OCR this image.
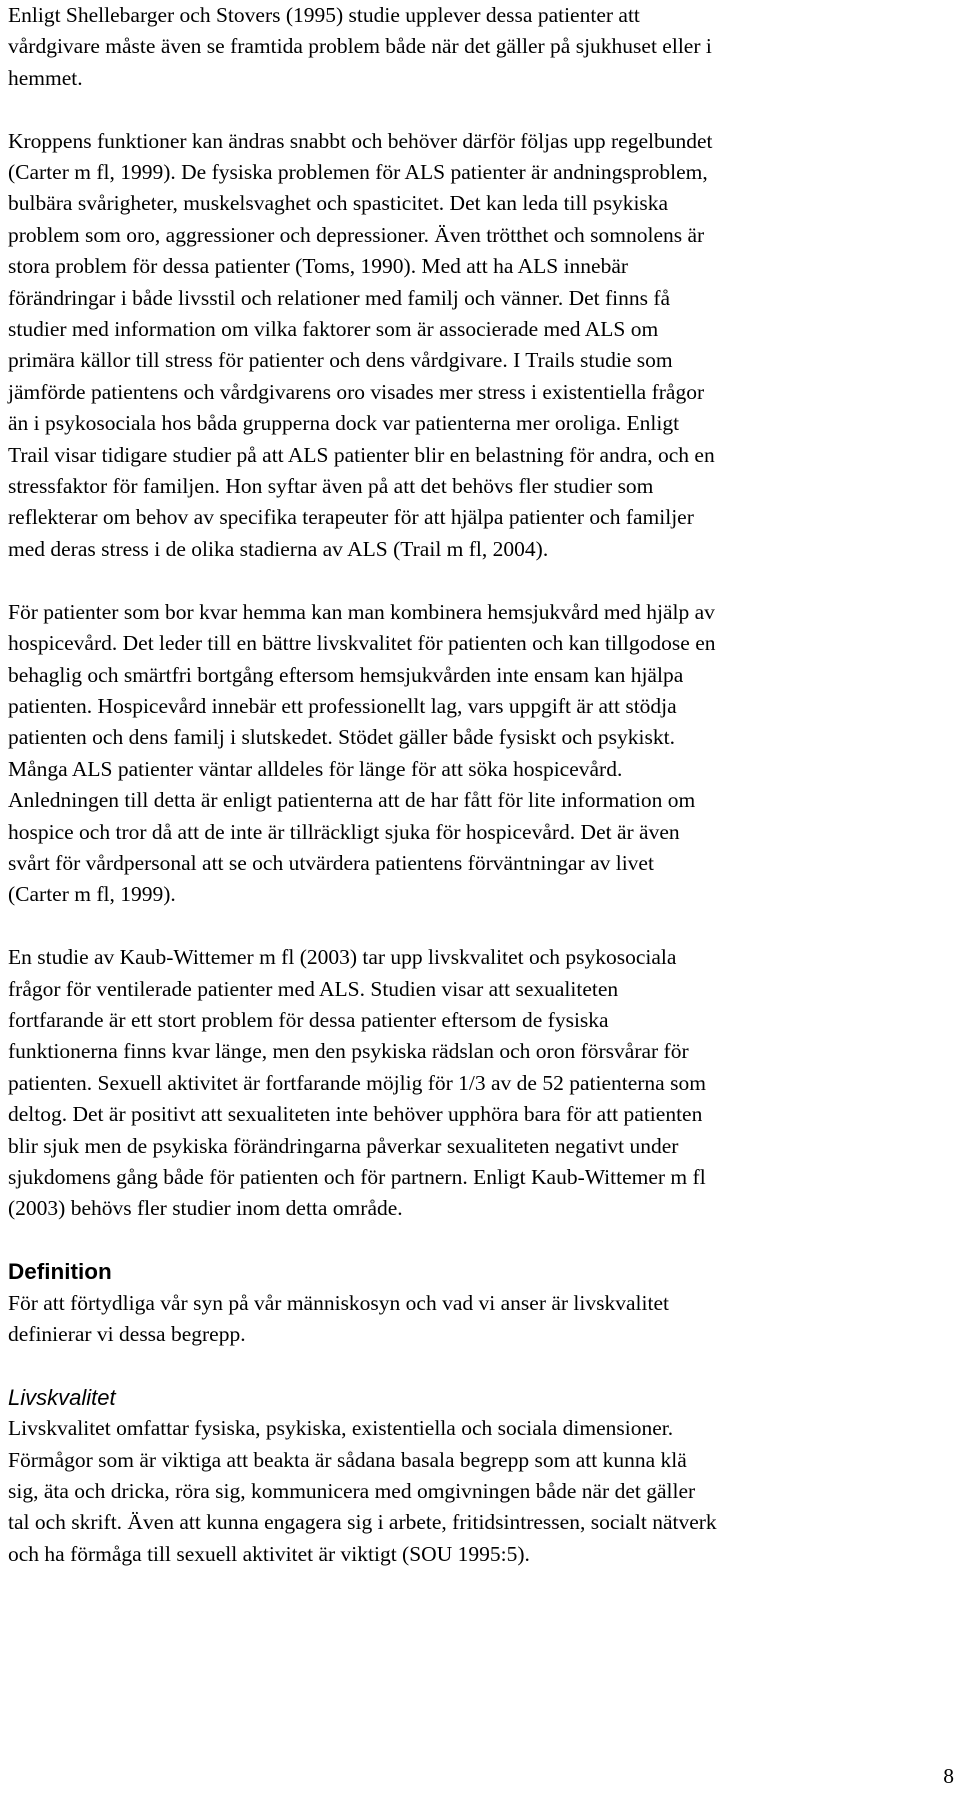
Enligt Shellebarger och Stovers (1995) studie upplever dessa patienter att
vårdgivare måste även se framtida problem både när det gäller på sjukhuset eller i
hemmet.

Kroppens funktioner kan ändras snabbt och behöver därför följas upp regelbundet
(Carter m fl, 1999). De fysiska problemen för ALS patienter är andningsproblem,
bulbära svårigheter, muskelsvaghet och spasticitet. Det kan leda till psykiska
problem som oro, aggressioner och depressioner. Även trötthet och somnolens är
stora problem för dessa patienter (Toms, 1990). Med att ha ALS innebär
förändringar i både livsstil och relationer med familj och vänner. Det finns få
studier med information om vilka faktorer som är associerade med ALS om
primära källor till stress för patienter och dens vårdgivare. I Trails studie som
jämförde patientens och vårdgivarens oro visades mer stress i existentiella frågor
än i psykosociala hos båda grupperna dock var patienterna mer oroliga. Enligt
Trail visar tidigare studier på att ALS patienter blir en belastning för andra, och en
stressfaktor för familjen. Hon syftar även på att det behövs fler studier som
reflekterar om behov av specifika terapeuter för att hjälpa patienter och familjer
med deras stress i de olika stadierna av ALS (Trail m fl, 2004).

För patienter som bor kvar hemma kan man kombinera hemsjukvård med hjälp av
hospicevård. Det leder till en bättre livskvalitet för patienten och kan tillgodose en
behaglig och smärtfri bortgång eftersom hemsjukvården inte ensam kan hjälpa
patienten. Hospicevård innebär ett professionellt lag, vars uppgift är att stödja
patienten och dens familj i slutskedet. Stödet gäller både fysiskt och psykiskt.
Många ALS patienter väntar alldeles för länge för att söka hospicevård.
Anledningen till detta är enligt patienterna att de har fått för lite information om
hospice och tror då att de inte är tillräckligt sjuka för hospicevård. Det är även
svårt för vårdpersonal att se och utvärdera patientens förväntningar av livet
(Carter m fl, 1999).

En studie av Kaub-Wittemer m fl (2003) tar upp livskvalitet och psykosociala
frågor för ventilerade patienter med ALS. Studien visar att sexualiteten
fortfarande är ett stort problem för dessa patienter eftersom de fysiska
funktionerna finns kvar länge, men den psykiska rädslan och oron försvårar för
patienten. Sexuell aktivitet är fortfarande möjlig för 1/3 av de 52 patienterna som
deltog. Det är positivt att sexualiteten inte behöver upphöra bara för att patienten
blir sjuk men de psykiska förändringarna påverkar sexualiteten negativt under
sjukdomens gång både för patienten och för partnern. Enligt Kaub-Wittemer m fl
(2003) behövs fler studier inom detta område.

Definition

För att förtydliga vår syn på vår människosyn och vad vi anser är livskvalitet
definierar vi dessa begrepp.

Livskvalitet

Livskvalitet omfattar fysiska, psykiska, existentiella och sociala dimensioner.
Förmågor som är viktiga att beakta är sådana basala begrepp som att kunna klä
sig, äta och dricka, röra sig, kommunicera med omgivningen både när det gäller
tal och skrift. Även att kunna engagera sig i arbete, fritidsintressen, socialt nätverk
och ha förmåga till sexuell aktivitet är viktigt (SOU 1995:5).

8
